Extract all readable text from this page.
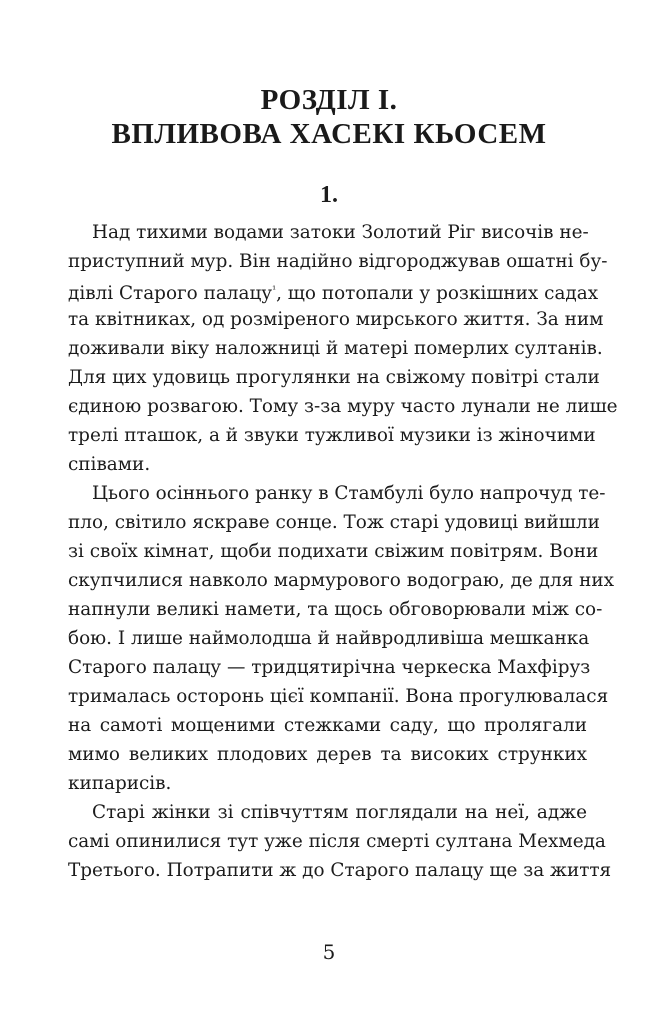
РОЗДІЛ I.
ВПЛИВОВА ХАСЕКІ КЬОСЕМ
1.
Над тихими водами затоки Золотий Ріг височів не-
приступний мур. Він надійно відгороджував ошатні бу-
дівлі Старого палацу$^{^1}$, що потопали у розкішних садах
та квітниках, од розміреного мирського життя. За ним
доживали віку наложниці й матері померлих султанів.
Для цих удовиць прогулянки на свіжому повітрі стали
єдиною розвагою. Тому з-за муру часто лунали не лише
трелі пташок, а й звуки тужливої музики із жіночими
співами.
Цього осіннього ранку в Стамбулі було напрочуд те-
пло, світило яскраве сонце. Тож старі удовиці вийшли
зі своїх кімнат, щоби подихати свіжим повітрям. Вони
скупчилися навколо мармурового водограю, де для них
напнули великі намети, та щось обговорювали між со-
бою. І лише наймолодша й найвродливіша мешканка
Старого палацу — тридцятирічна черкеска Махфіруз
трималась осторонь цієї компанії. Вона прогулювалася
на самоті мощеними стежками саду, що пролягали
мимо великих плодових дерев та високих струнких
кипарисів.
Старі жінки зі співчуттям поглядали на неї, адже
самі опинилися тут уже після смерті султана Мехмеда
Третього. Потрапити ж до Старого палацу ще за життя
5
